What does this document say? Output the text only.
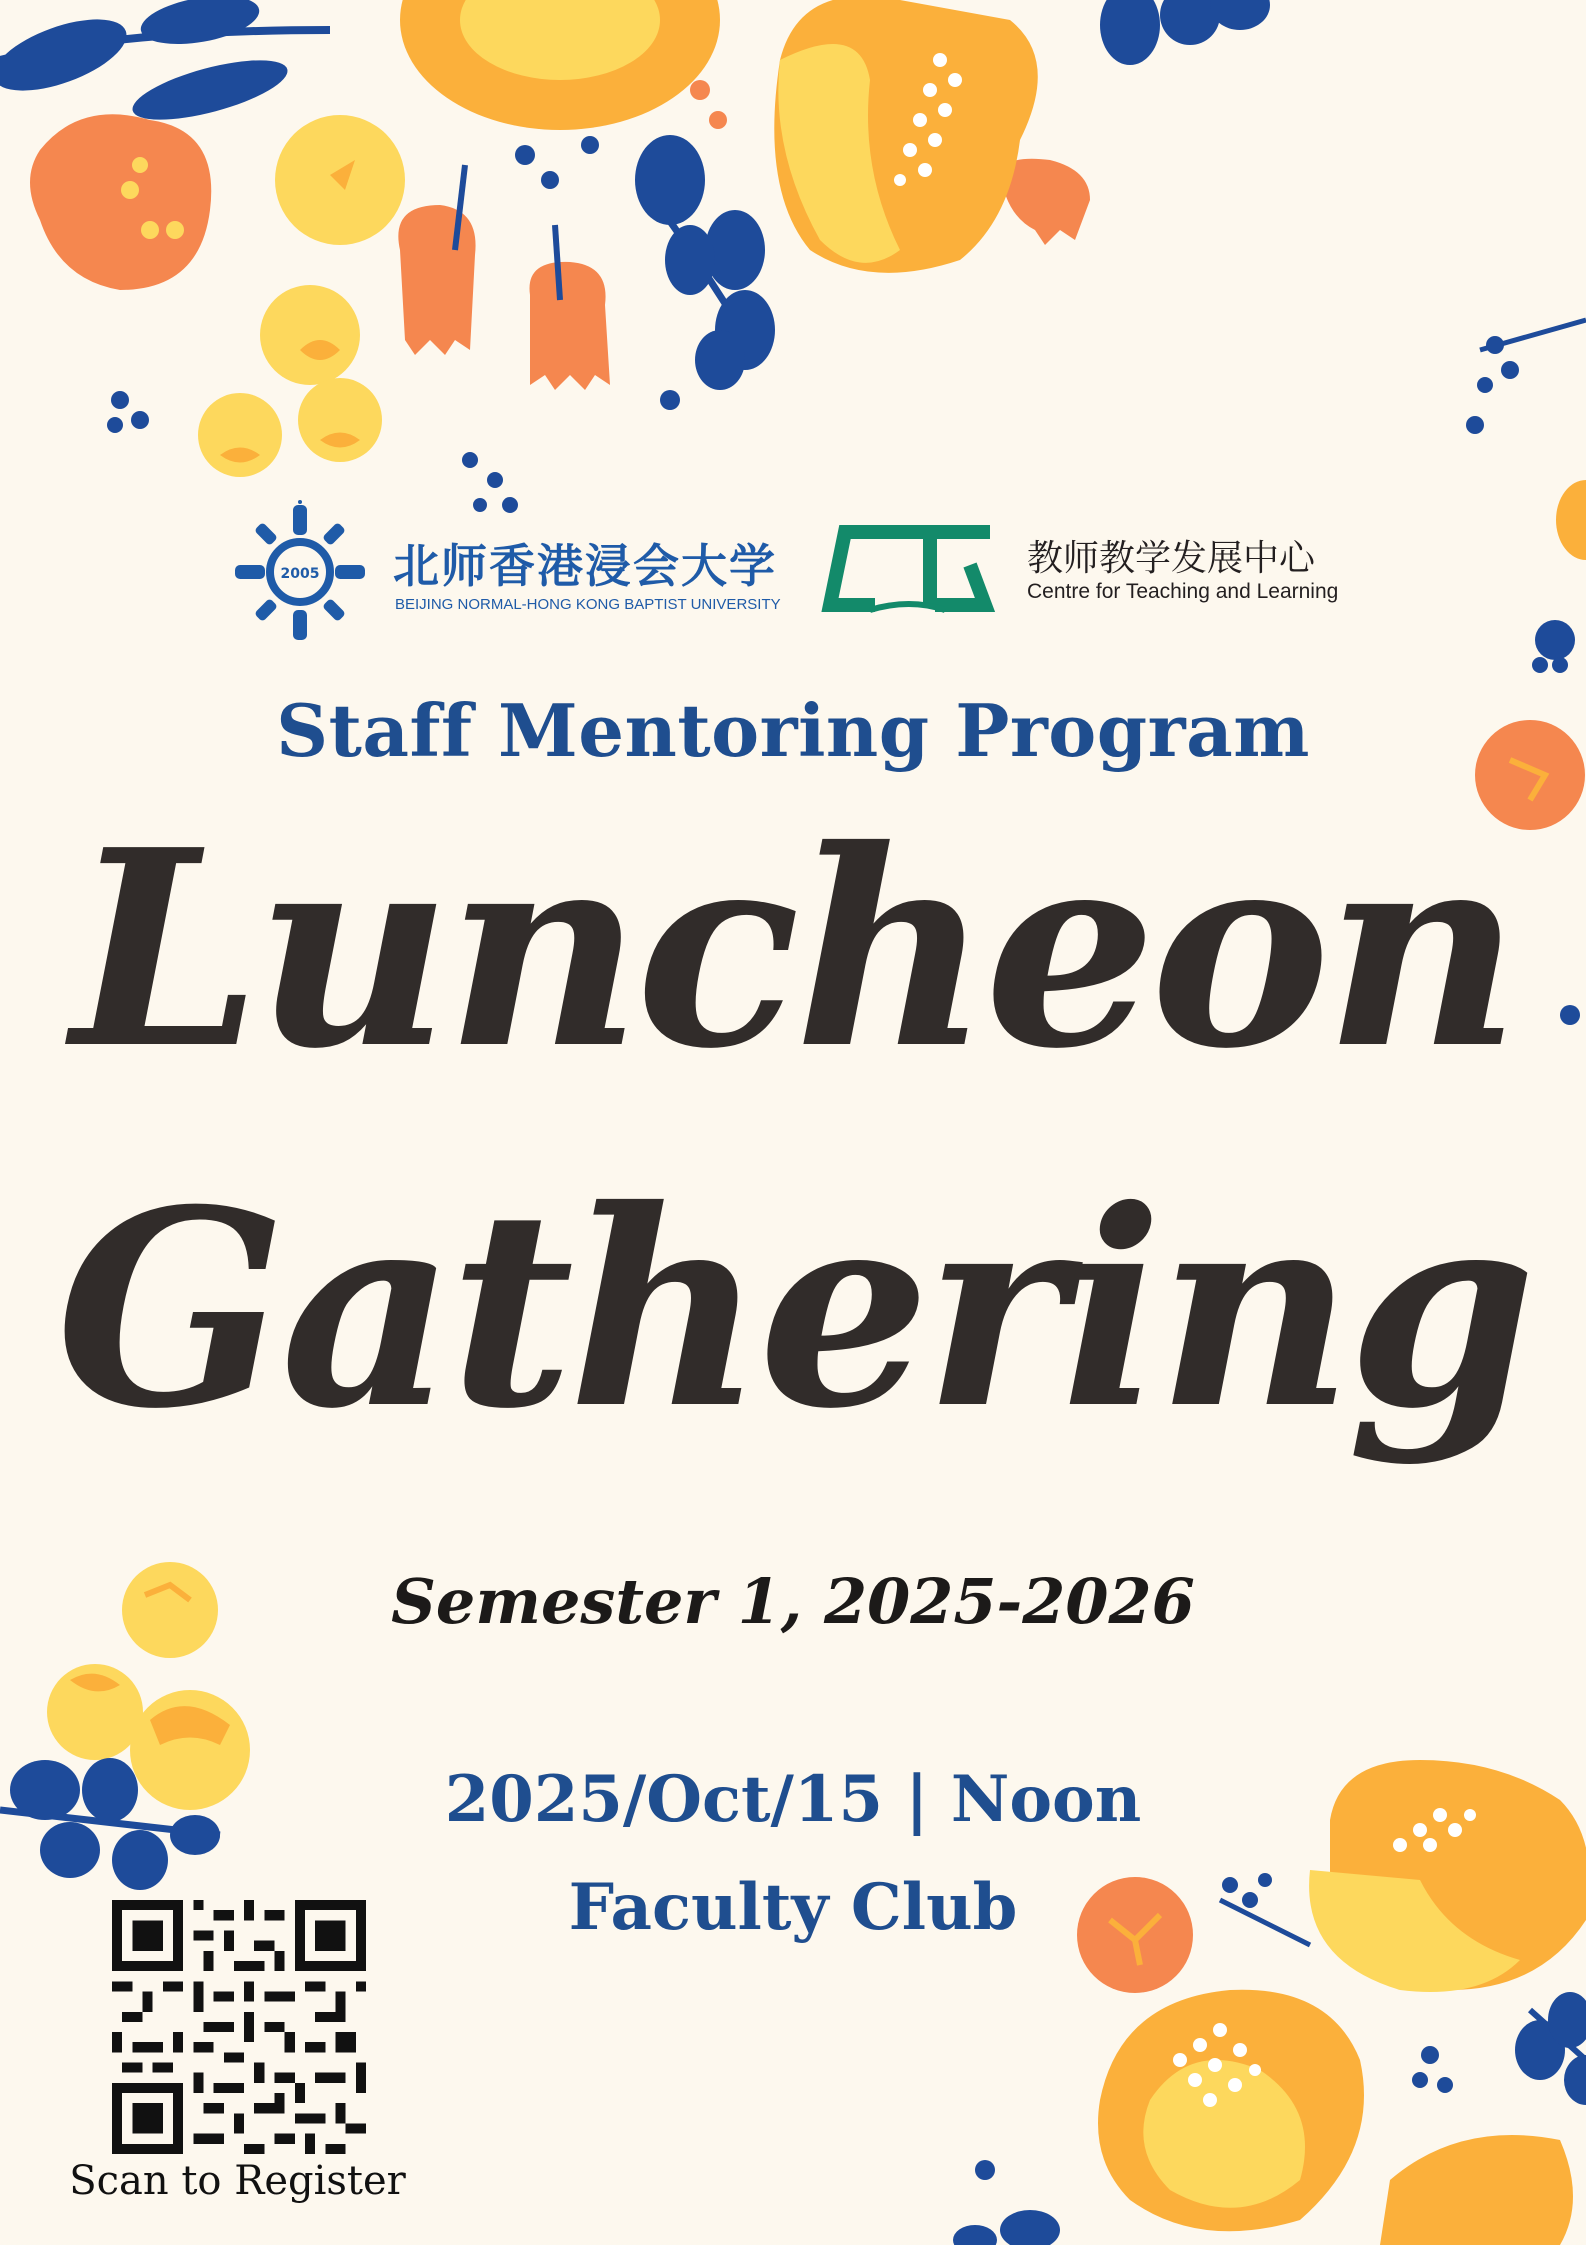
2005 北师香港浸会大学
BEIJING NORMAL-HONG KONG BAPTIST UNIVERSITY
教师教学发展中心
Centre for Teaching and Learning
Staff Mentoring Program
Luncheon
Gathering
Semester 1, 2025-2026
2025/Oct/15 | Noon
Faculty Club
Scan to Register
